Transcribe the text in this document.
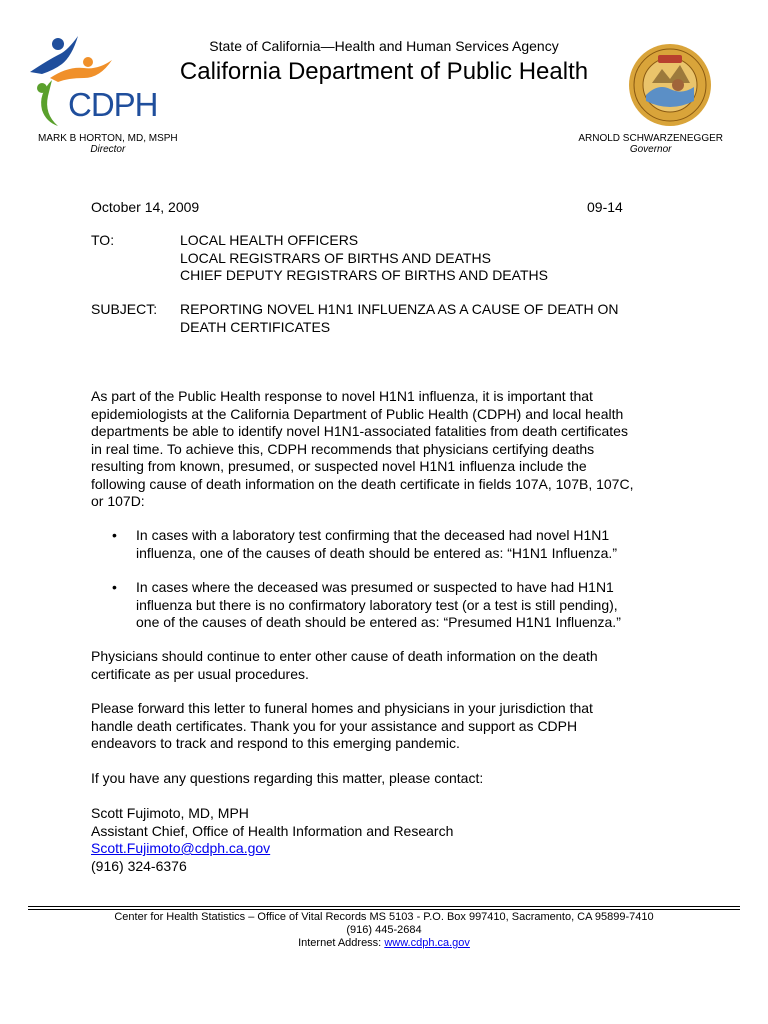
CDPH
State of California—Health and Human Services Agency
California Department of Public Health
MARK B HORTON, MD, MSPH
Director
ARNOLD SCHWARZENEGGER
Governor
October 14, 2009	09-14
TO:	LOCAL HEALTH OFFICERS
LOCAL REGISTRARS OF BIRTHS AND DEATHS
CHIEF DEPUTY REGISTRARS OF BIRTHS AND DEATHS
SUBJECT: REPORTING NOVEL H1N1 INFLUENZA AS A CAUSE OF DEATH ON
DEATH CERTIFICATES
As part of the Public Health response to novel H1N1 influenza, it is important that
epidemiologists at the California Department of Public Health (CDPH) and local health
departments be able to identify novel H1N1-associated fatalities from death certificates
in real time. To achieve this, CDPH recommends that physicians certifying deaths
resulting from known, presumed, or suspected novel H1N1 influenza include the
following cause of death information on the death certificate in fields 107A, 107B, 107C,
or 107D:
• In cases with a laboratory test confirming that the deceased had novel H1N1
influenza, one of the causes of death should be entered as: “H1N1 Influenza.”
• In cases where the deceased was presumed or suspected to have had H1N1
influenza but there is no confirmatory laboratory test (or a test is still pending),
one of the causes of death should be entered as: “Presumed H1N1 Influenza.”
Physicians should continue to enter other cause of death information on the death
certificate as per usual procedures.
Please forward this letter to funeral homes and physicians in your jurisdiction that
handle death certificates. Thank you for your assistance and support as CDPH
endeavors to track and respond to this emerging pandemic.
If you have any questions regarding this matter, please contact:
Scott Fujimoto, MD, MPH
Assistant Chief, Office of Health Information and Research
Scott.Fujimoto@cdph.ca.gov
(916) 324-6376
Center for Health Statistics – Office of Vital Records MS 5103 - P.O. Box 997410, Sacramento, CA 95899-7410
(916) 445-2684
Internet Address: www.cdph.ca.gov
